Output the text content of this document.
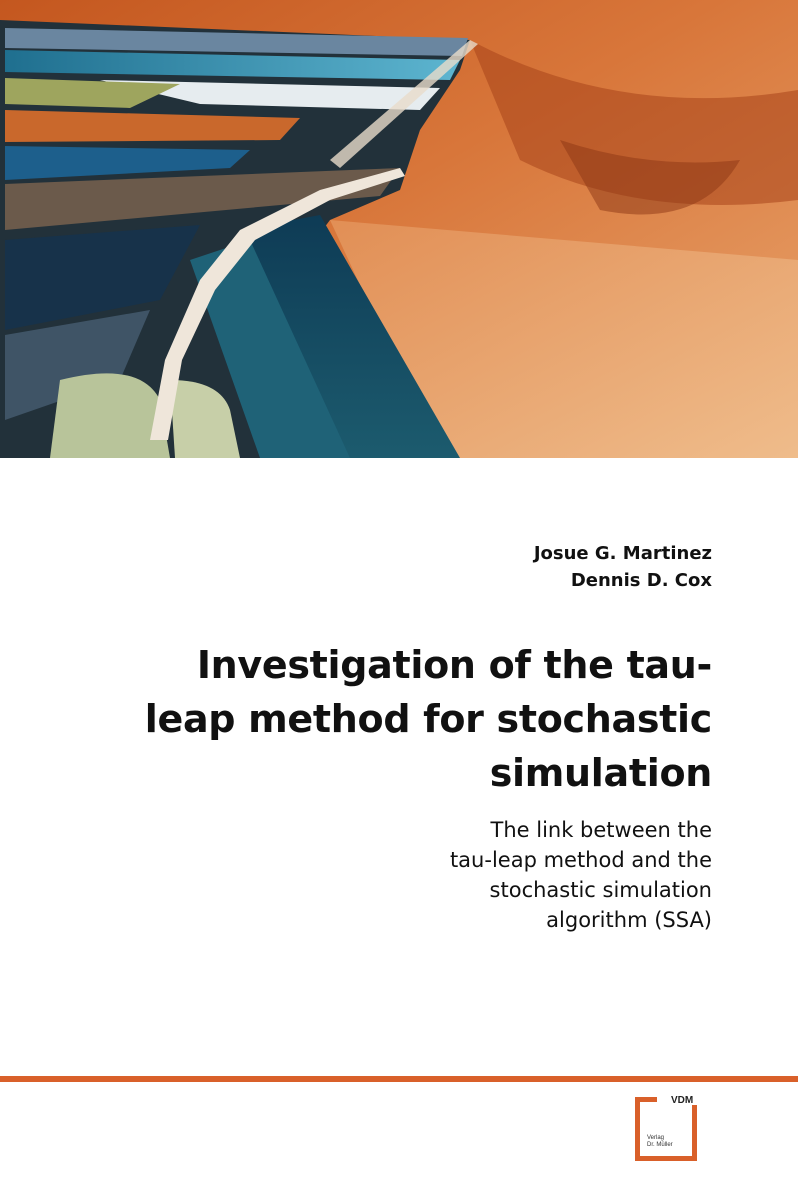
Josue G. Martinez
Dennis D. Cox
Investigation of the tau-
leap method for stochastic
simulation

The link between the
tau-leap method and the
stochastic simulation
algorithm (SSA)

VDM
Verlag
Dr. Müller
